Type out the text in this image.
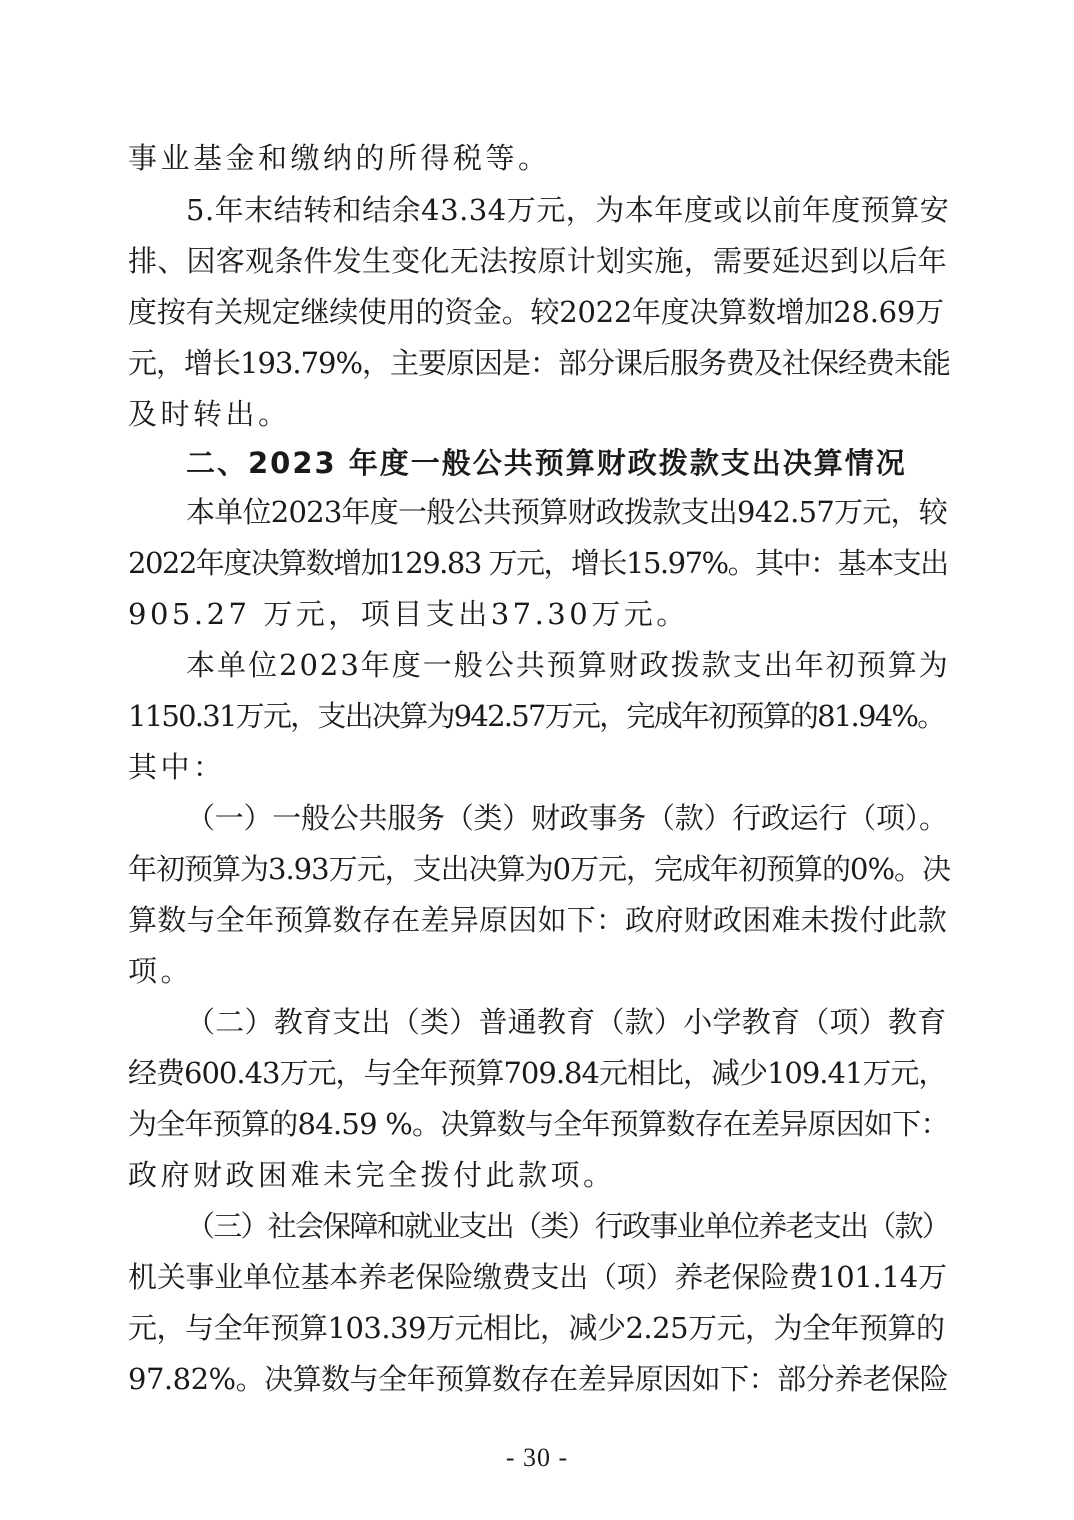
事业基金和缴纳的所得税等。
5.年末结转和结余43.34万元，为本年度或以前年度预算安
排、因客观条件发生变化无法按原计划实施，需要延迟到以后年
度按有关规定继续使用的资金。较2022年度决算数增加28.69万
元，增长193.79%，主要原因是：部分课后服务费及社保经费未能
及时转出。
二、2023 年度一般公共预算财政拨款支出决算情况
本单位2023年度一般公共预算财政拨款支出942.57万元，较
2022年度决算数增加129.83 万元，增长15.97%。其中：基本支出
905.27 万元，项目支出37.30万元。
本单位2023年度一般公共预算财政拨款支出年初预算为
1150.31万元，支出决算为942.57万元，完成年初预算的81.94%。
其中：
（一）一般公共服务（类）财政事务（款）行政运行（项）。
年初预算为3.93万元，支出决算为0万元，完成年初预算的0%。决
算数与全年预算数存在差异原因如下：政府财政困难未拨付此款
项。
（二）教育支出（类）普通教育（款）小学教育（项）教育
经费600.43万元，与全年预算709.84元相比，减少109.41万元，
为全年预算的84.59 %。决算数与全年预算数存在差异原因如下：
政府财政困难未完全拨付此款项。
（三）社会保障和就业支出（类）行政事业单位养老支出（款）
机关事业单位基本养老保险缴费支出（项）养老保险费101.14万
元，与全年预算103.39万元相比，减少2.25万元，为全年预算的
97.82%。决算数与全年预算数存在差异原因如下：部分养老保险
- 30 -
